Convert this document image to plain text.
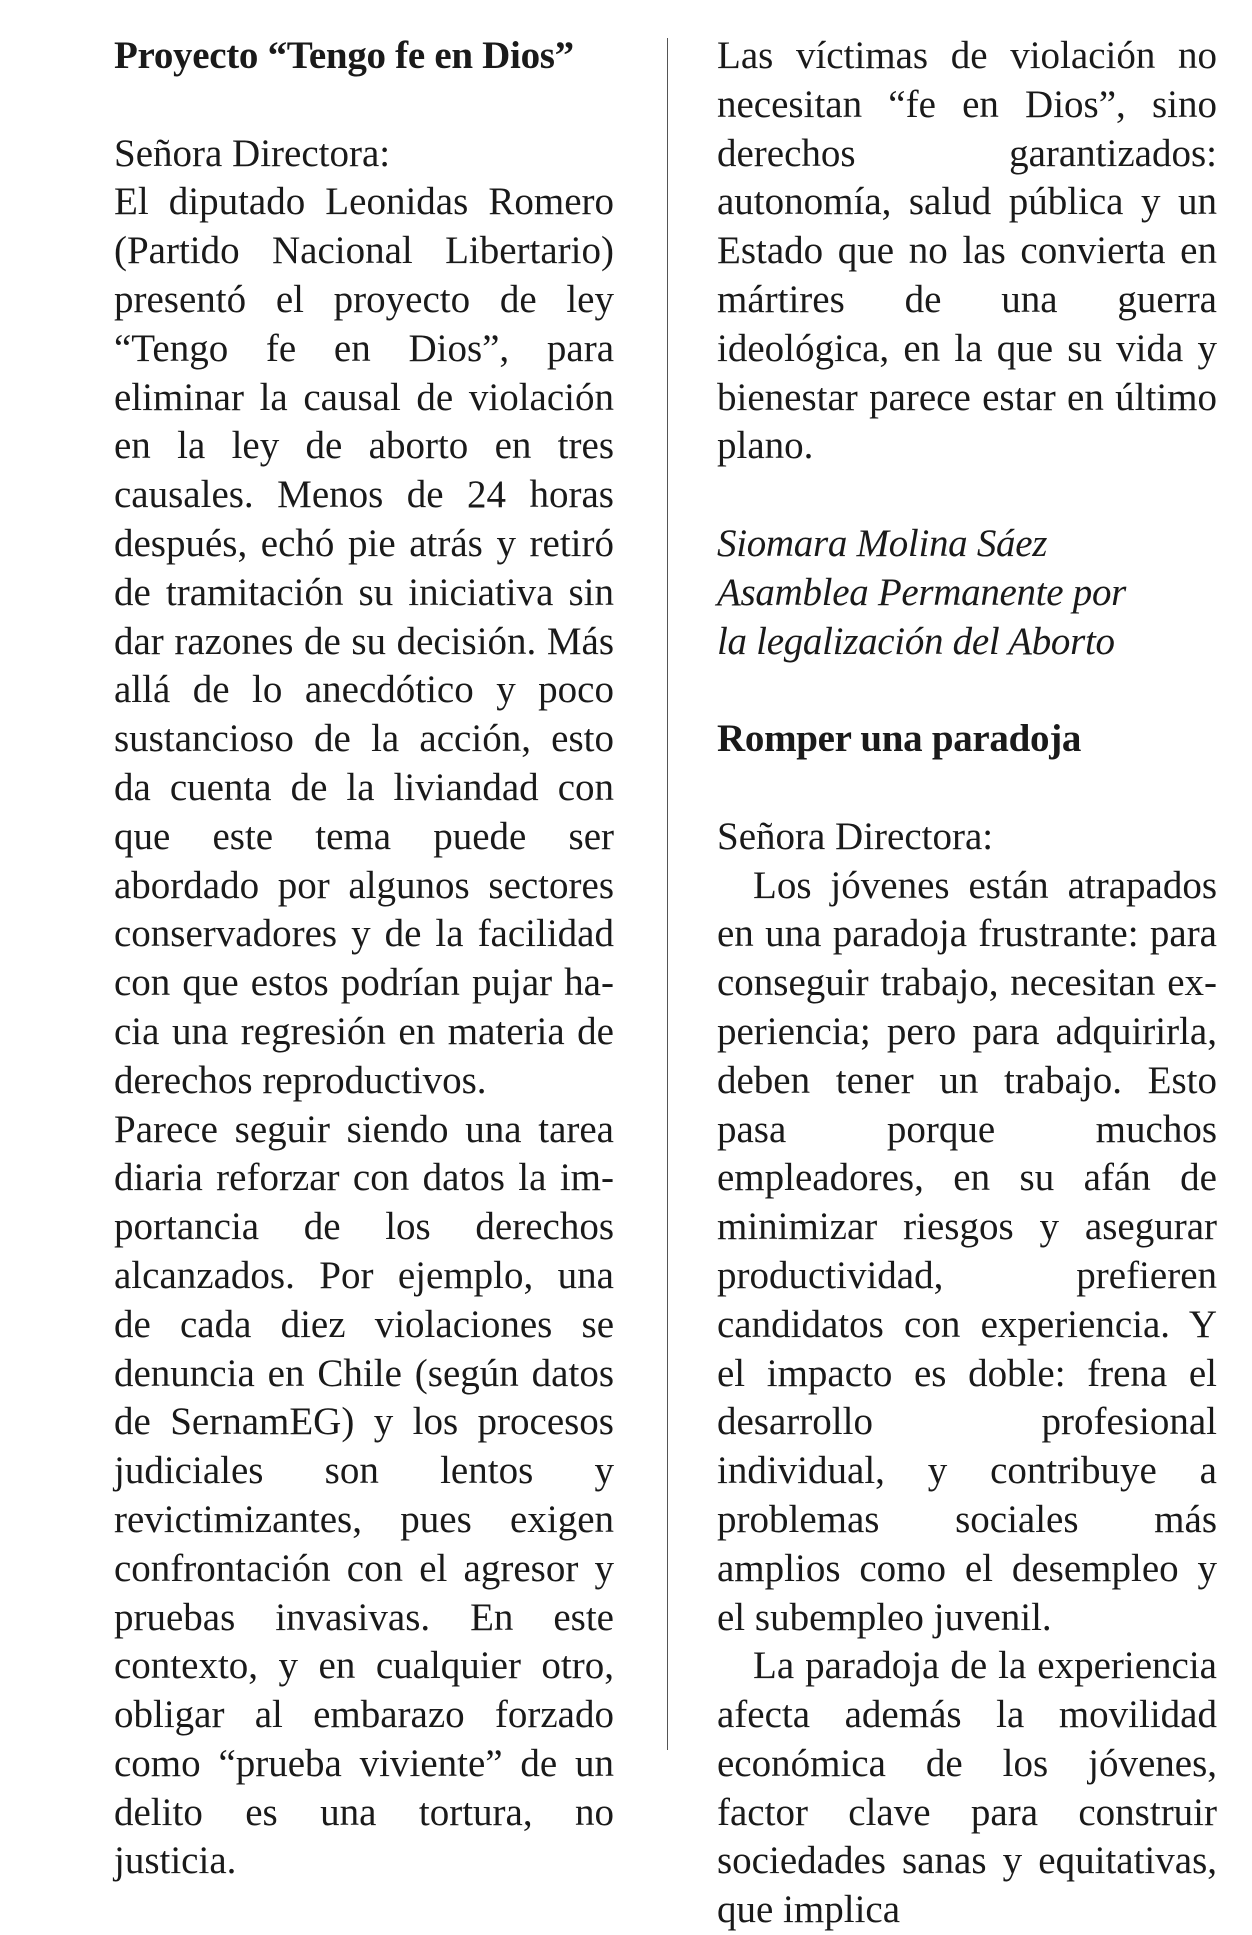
Proyecto “Tengo fe en Dios”

Señora Directora:

El diputado Leonidas Romero (Partido Nacional Libertario) presentó el proyecto de ley “Tengo fe en Dios”, para eliminar la causal de violación en la ley de aborto en tres causales. Menos de 24 horas después, echó pie atrás y retiró de tramitación su iniciativa sin dar razones de su decisión. Más allá de lo anecdótico y poco sustancioso de la acción, esto da cuenta de la liviandad con que este tema puede ser abordado por algunos sectores conservadores y de la facilidad con que estos podrían pujar hacia una regresión en materia de derechos reproductivos.

Parece seguir siendo una tarea diaria reforzar con datos la importancia de los derechos alcanzados. Por ejemplo, una de cada diez violaciones se denuncia en Chile (según datos de SernamEG) y los procesos judiciales son lentos y revictimizantes, pues exigen confrontación con el agresor y pruebas invasivas. En este contexto, y en cualquier otro, obligar al embarazo forzado como “prueba viviente” de un delito es una tortura, no justicia.

Las víctimas de violación no necesitan “fe en Dios”, sino derechos garantizados: autonomía, salud pública y un Estado que no las convierta en mártires de una guerra ideológica, en la que su vida y bienestar parece estar en último plano.

Siomara Molina Sáez

Asamblea Permanente por

la legalización del Aborto

Romper una paradoja

Señora Directora:

Los jóvenes están atrapados en una paradoja frustrante: para conseguir trabajo, necesitan experiencia; pero para adquirirla, deben tener un trabajo. Esto pasa porque muchos empleadores, en su afán de minimizar riesgos y asegurar productividad, prefieren candidatos con experiencia. Y el impacto es doble: frena el desarrollo profesional individual, y contribuye a problemas sociales más amplios como el desempleo y el subempleo juvenil.

La paradoja de la experiencia afecta además la movilidad económica de los jóvenes, factor clave para construir sociedades sanas y equitativas, que implica
